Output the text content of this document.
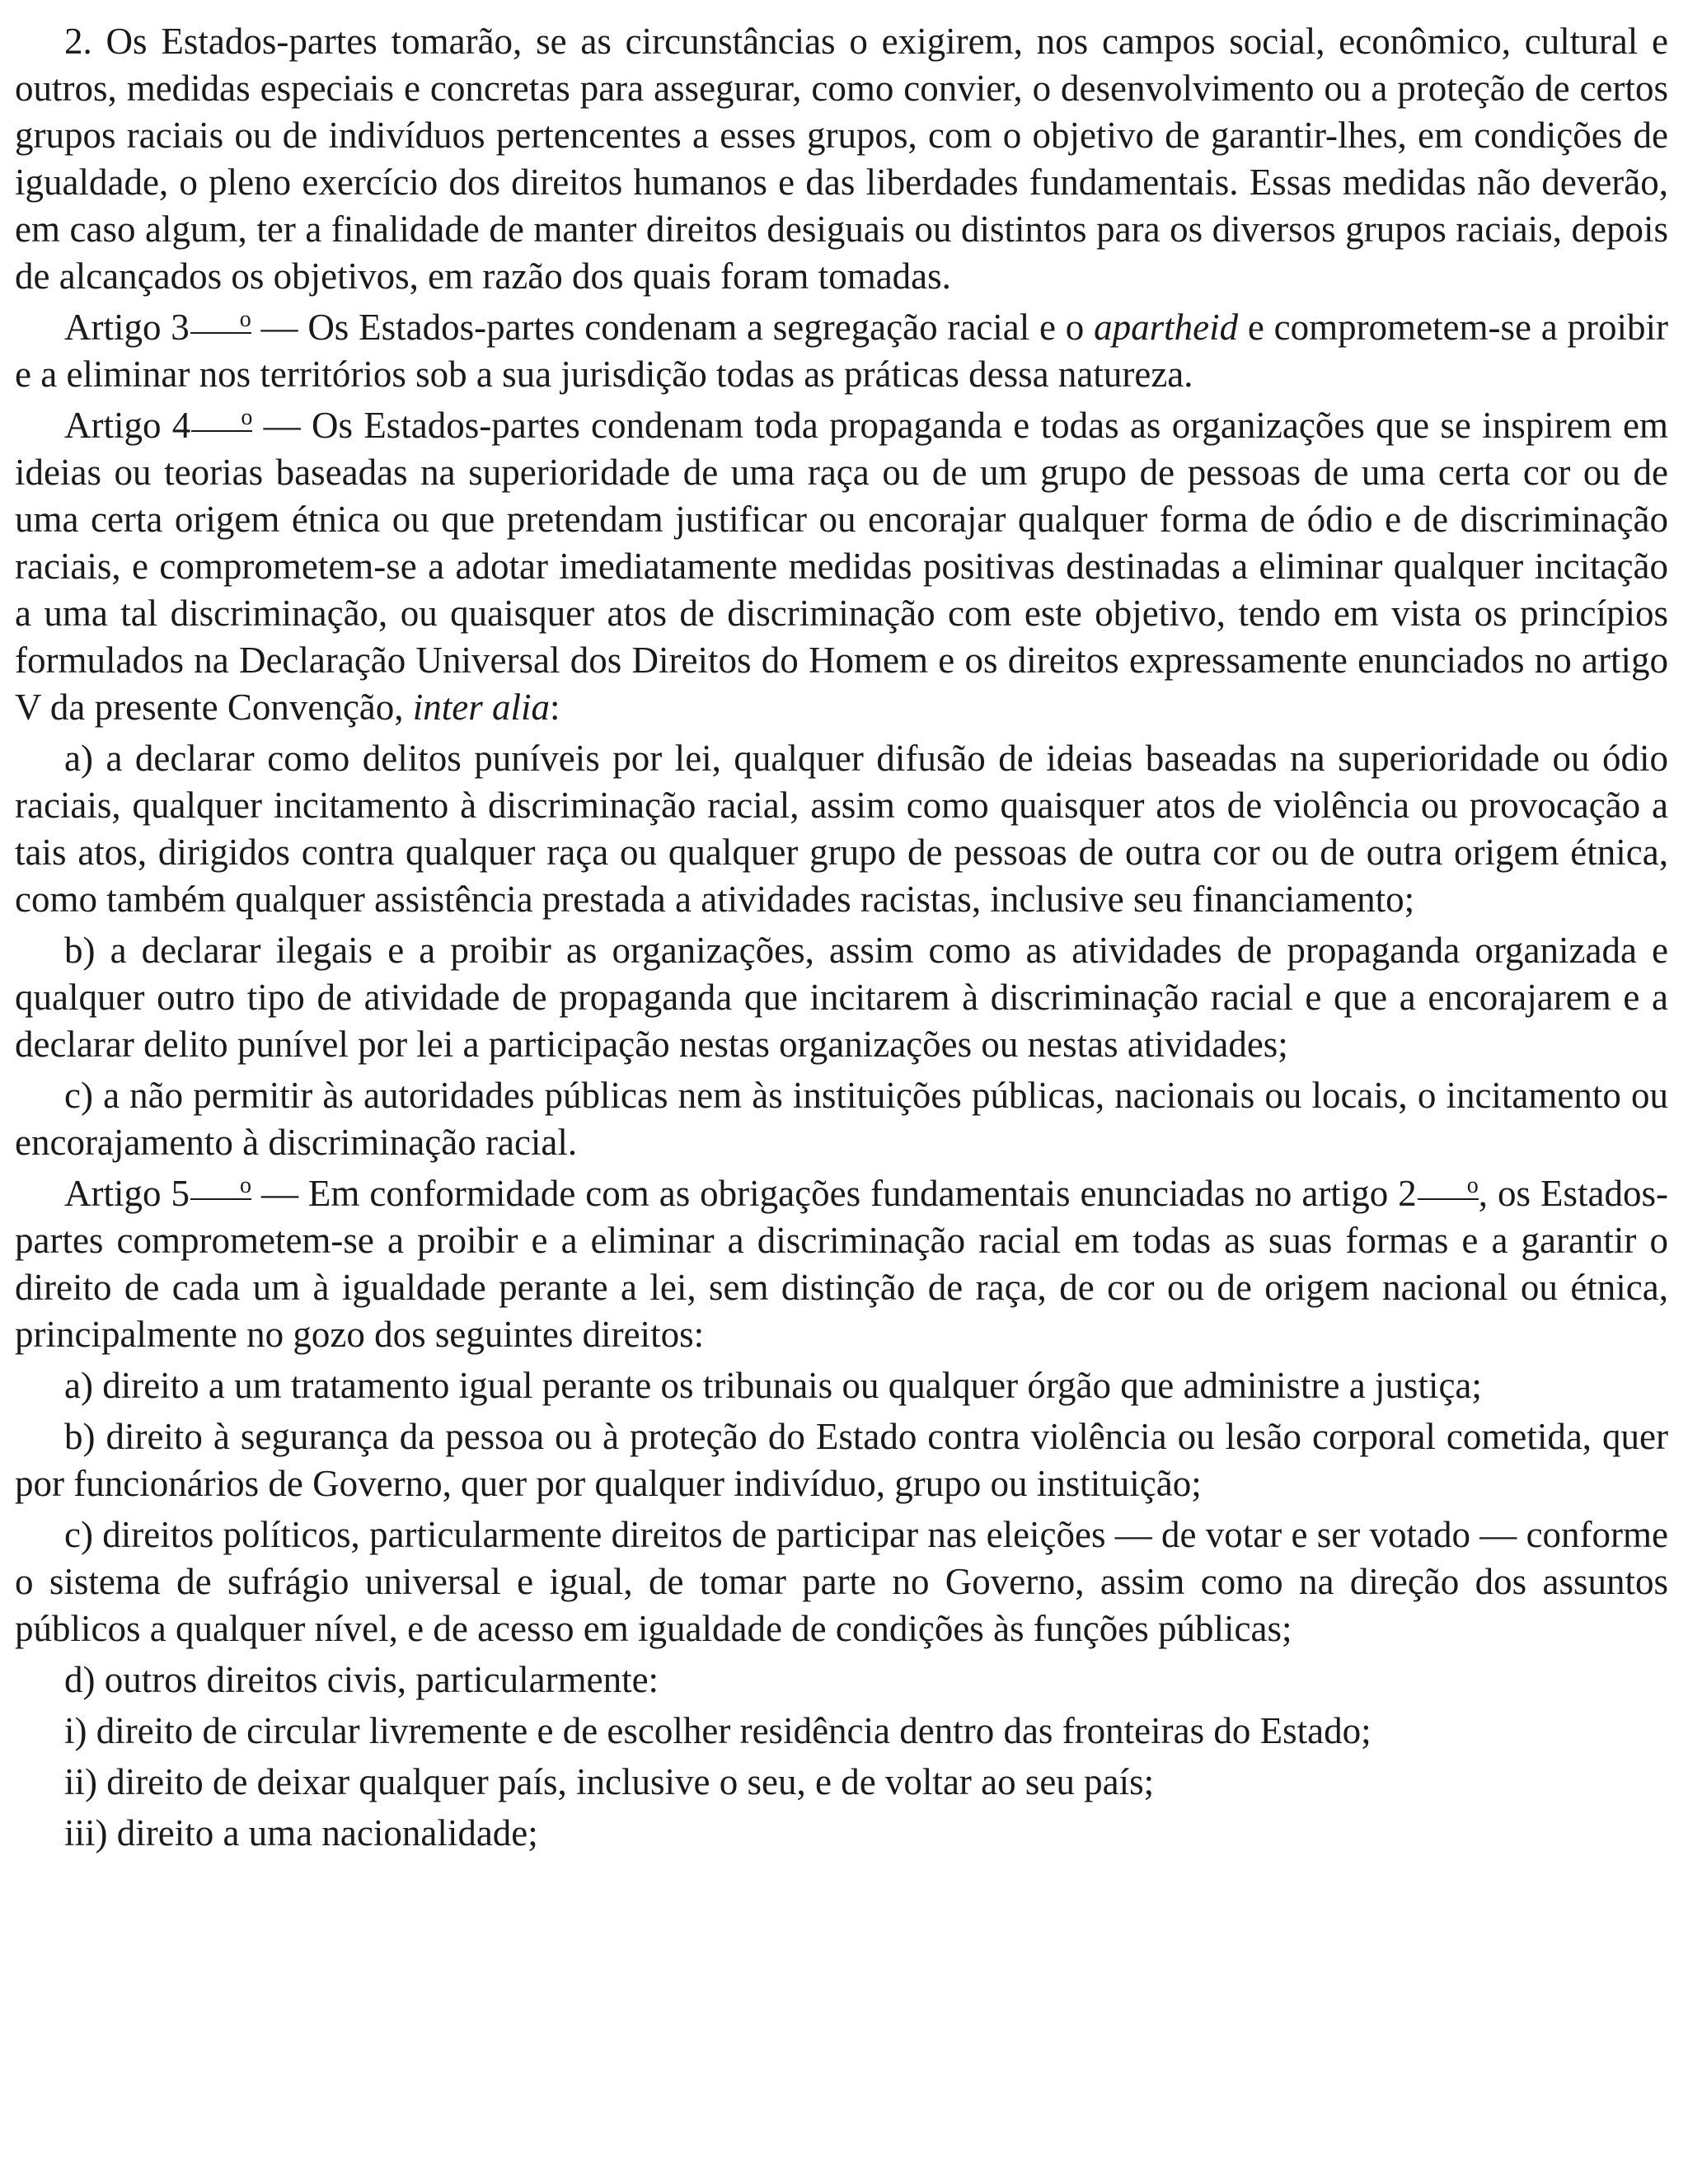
2. Os Estados-partes tomarão, se as circunstâncias o exigirem, nos campos social, econômico, cultural e outros, medidas especiais e concretas para assegurar, como convier, o desenvolvimento ou a proteção de certos grupos raciais ou de indivíduos pertencentes a esses grupos, com o objetivo de garantir-lhes, em condições de igualdade, o pleno exercício dos direitos humanos e das liberdades fundamentais. Essas medidas não deverão, em caso algum, ter a finalidade de manter direitos desiguais ou distintos para os diversos grupos raciais, depois de alcançados os objetivos, em razão dos quais foram tomadas.

Artigo 3 o — Os Estados-partes condenam a segregação racial e o apartheid e comprometem-se a proibir e a eliminar nos territórios sob a sua jurisdição todas as práticas dessa natureza.

Artigo 4 o — Os Estados-partes condenam toda propaganda e todas as organizações que se inspirem em ideias ou teorias baseadas na superioridade de uma raça ou de um grupo de pessoas de uma certa cor ou de uma certa origem étnica ou que pretendam justificar ou encorajar qualquer forma de ódio e de discriminação raciais, e comprometem-se a adotar imediatamente medidas positivas destinadas a eliminar qualquer incitação a uma tal discriminação, ou quaisquer atos de discriminação com este objetivo, tendo em vista os princípios formulados na Declaração Universal dos Direitos do Homem e os direitos expressamente enunciados no artigo V da presente Convenção, inter alia:

a) a declarar como delitos puníveis por lei, qualquer difusão de ideias baseadas na superioridade ou ódio raciais, qualquer incitamento à discriminação racial, assim como quaisquer atos de violência ou provocação a tais atos, dirigidos contra qualquer raça ou qualquer grupo de pessoas de outra cor ou de outra origem étnica, como também qualquer assistência prestada a atividades racistas, inclusive seu financiamento;

b) a declarar ilegais e a proibir as organizações, assim como as atividades de propaganda organizada e qualquer outro tipo de atividade de propaganda que incitarem à discriminação racial e que a encorajarem e a declarar delito punível por lei a participação nestas organizações ou nestas atividades;

c) a não permitir às autoridades públicas nem às instituições públicas, nacionais ou locais, o incitamento ou encorajamento à discriminação racial.

Artigo 5 o — Em conformidade com as obrigações fundamentais enunciadas no artigo 2 o, os Estados-partes comprometem-se a proibir e a eliminar a discriminação racial em todas as suas formas e a garantir o direito de cada um à igualdade perante a lei, sem distinção de raça, de cor ou de origem nacional ou étnica, principalmente no gozo dos seguintes direitos:

a) direito a um tratamento igual perante os tribunais ou qualquer órgão que administre a justiça;

b) direito à segurança da pessoa ou à proteção do Estado contra violência ou lesão corporal cometida, quer por funcionários de Governo, quer por qualquer indivíduo, grupo ou instituição;

c) direitos políticos, particularmente direitos de participar nas eleições — de votar e ser votado — conforme o sistema de sufrágio universal e igual, de tomar parte no Governo, assim como na direção dos assuntos públicos a qualquer nível, e de acesso em igualdade de condições às funções públicas;

d) outros direitos civis, particularmente:

i) direito de circular livremente e de escolher residência dentro das fronteiras do Estado;

ii) direito de deixar qualquer país, inclusive o seu, e de voltar ao seu país;

iii) direito a uma nacionalidade;
